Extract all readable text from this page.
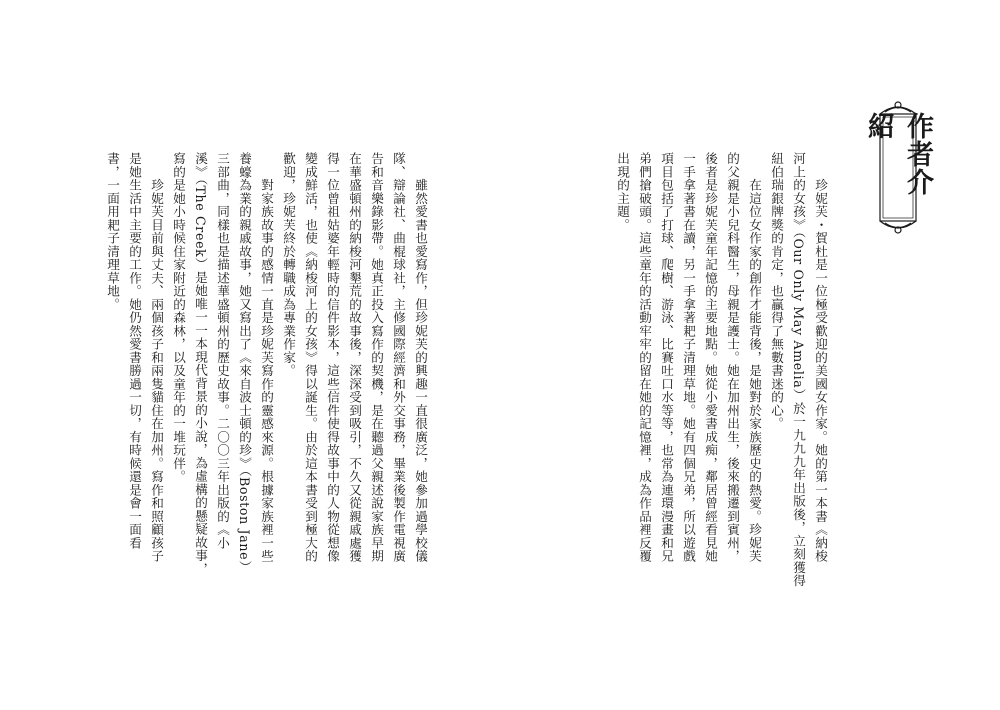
作者介紹
　　珍妮芙・賀杜是一位極受歡迎的美國女作家。她的第一本書《納梭
河上的女孩》（Our Only May Amelia）於一九九九年出版後，立刻獲得
紐伯瑞銀牌獎的肯定，也贏得了無數書迷的心。
　　在這位女作家的創作才能背後，是她對於家族歷史的熱愛。珍妮芙
的父親是小兒科醫生，母親是護士。她在加州出生，後來搬遷到賓州，
後者是珍妮芙童年記憶的主要地點。她從小愛書成痴，鄰居曾經看見她
一手拿著書在讀，另一手拿著耙子清理草地。她有四個兄弟，所以遊戲
項目包括了打球、爬樹、游泳、比賽吐口水等等，也常為連環漫畫和兄
弟們搶破頭。這些童年的活動牢牢的留在她的記憶裡，成為作品裡反覆
出現的主題。
　　雖然愛書也愛寫作，但珍妮芙的興趣一直很廣泛，她參加過學校儀
隊、辯論社、曲棍球社，主修國際經濟和外交事務，畢業後製作電視廣
告和音樂錄影帶。她真正投入寫作的契機，是在聽過父親述說家族早期
在華盛頓州的納梭河墾荒的故事後，深深受到吸引，不久又從親戚處獲
得一位曾祖姑婆年輕時的信件影本，這些信件使得故事中的人物從想像
變成鮮活，也使《納梭河上的女孩》得以誕生。由於這本書受到極大的
歡迎，珍妮芙終於轉職成為專業作家。
　　對家族故事的感情一直是珍妮芙寫作的靈感來源。根據家族裡一些
養蠔為業的親戚故事，她又寫出了《來自波士頓的珍》（Boston Jane）
三部曲，同樣也是描述華盛頓州的歷史故事。二〇〇三年出版的《小
溪》（The Creek）是她唯一一本現代背景的小說，為虛構的懸疑故事，
寫的是她小時候住家附近的森林，以及童年的一堆玩伴。
　　珍妮芙目前與丈夫、兩個孩子和兩隻貓住在加州。寫作和照顧孩子
是她生活中主要的工作。她仍然愛書勝過一切，有時候還是會一面看
書，一面用耙子清理草地。
